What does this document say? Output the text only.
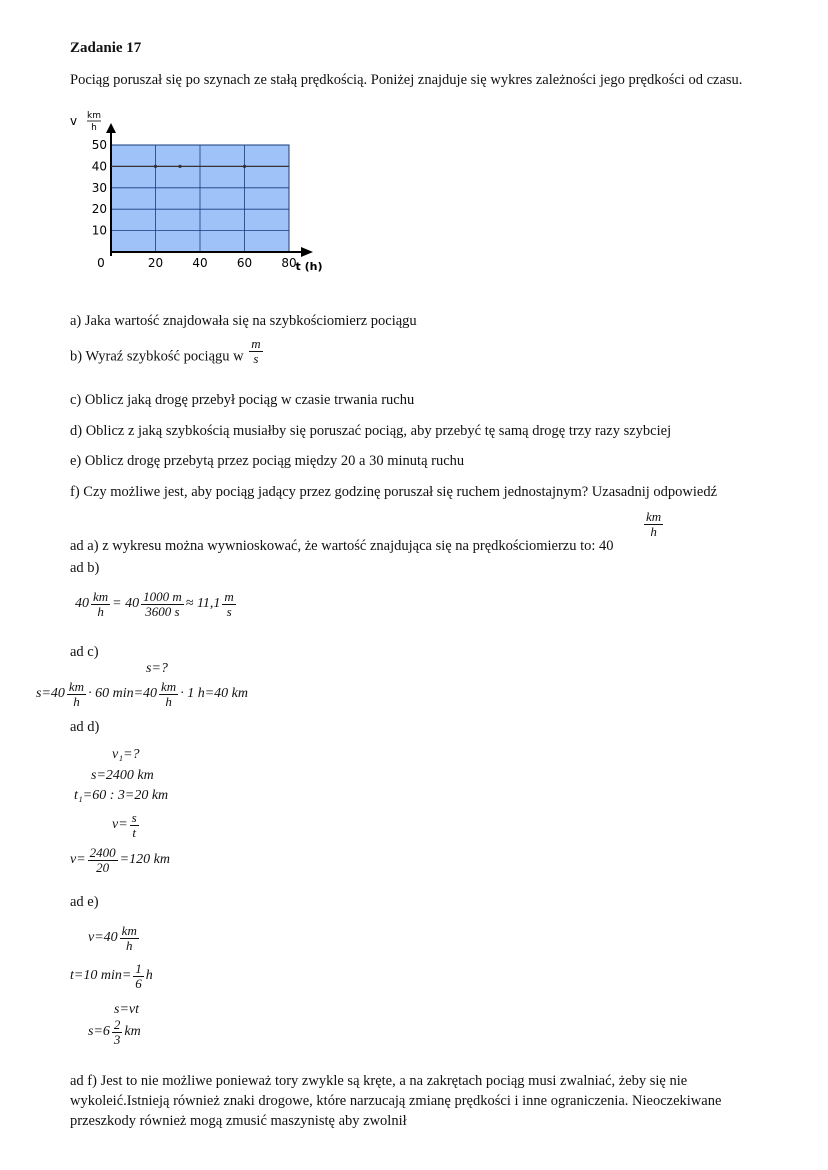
Zadanie 17
Pociąg poruszał się po szynach ze stałą prędkością. Poniżej znajduje się wykres zależności jego prędkości od czasu.
10
20
30
40
50
0	20 40 60 80
t (h)
v km
h
a) Jaka wartość znajdowała się na szybkościomierz pociągu
b) Wyraź szybkość pociągu w $\frac{m}{s}$
c) Oblicz jaką drogę przebył pociąg w czasie trwania ruchu
d) Oblicz z jaką szybkością musiałby się poruszać pociąg, aby przebyć tę samą drogę trzy razy szybciej
e) Oblicz drogę przebytą przez pociąg między 20 a 30 minutą ruchu
f) Czy możliwe jest, aby pociąg jadący przez godzinę poruszał się ruchem jednostajnym? Uzasadnij odpowiedź
ad a) z wykresu można wywnioskować, że wartość znajdująca się na prędkościomierzu to: 40
$\frac{km}{h}$
ad b)
$40 \frac{km}{h} = 40 \frac{1000 m}{3600 s} \approx 11,1 \frac{m}{s}$
ad c)
s=?
$s=40 \frac{km}{h} \cdot 60$ $\min=40 \frac{km}{h} \cdot 1$ h=40 km
ad d)
v₁=?
s=2400 km
t₁=60 : 3=20 km
$v= \frac{s}{t}$
$v= \frac{2400}{20} =120$ km
ad e)
$v=40 \frac{km}{h}$
t=10 $\min= \frac{1}{6}$ h
s=vt
$s=6 \frac{2}{3}$ km
ad f) Jest to nie możliwe ponieważ tory zwykle są kręte, a na zakrętach pociąg musi zwalniać, żeby się nie wykoleić.Istnieją również znaki drogowe, które narzucają zmianę prędkości i inne ograniczenia. Nieoczekiwane przeszkody również mogą zmusić maszynistę aby zwolnił
